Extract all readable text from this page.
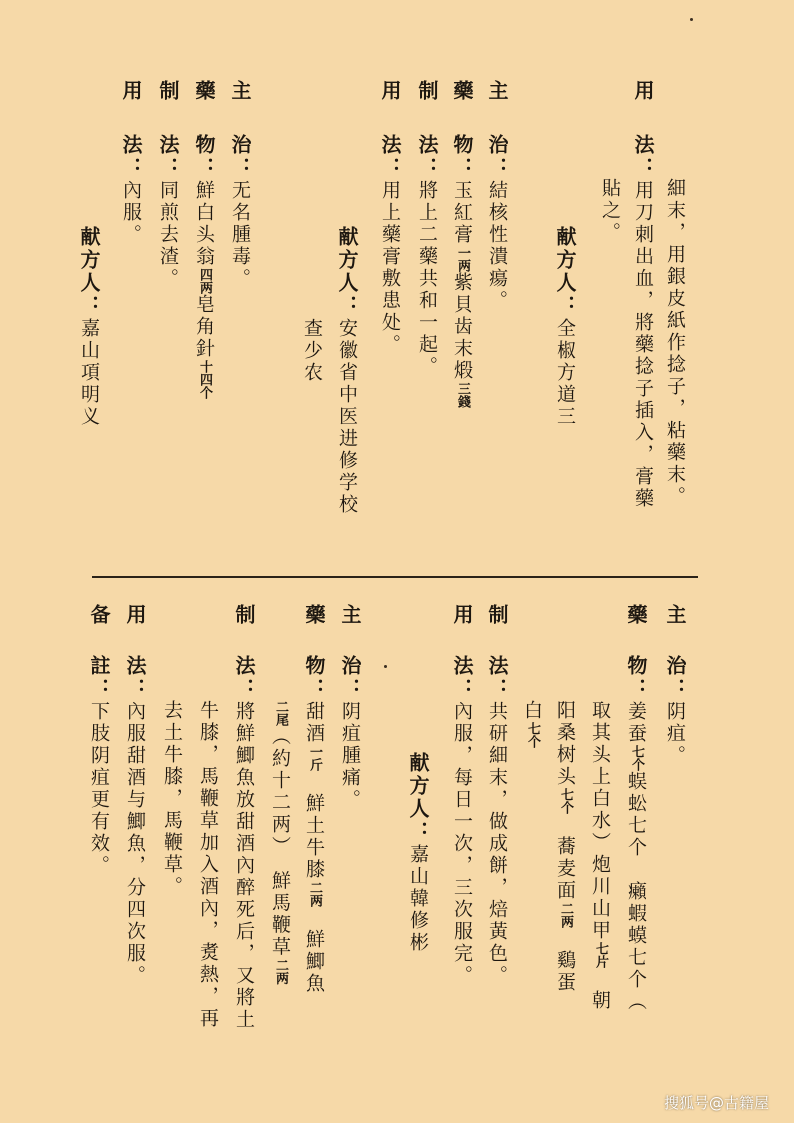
用
法：用刀刺出血，將藥捻子插入，膏藥
貼之。 細末，用銀皮紙作捻子，粘藥末。
献方人：全椒方道三
主
治：結核性潰瘍。
藥
物：玉紅膏一两紫貝齿末煅三錢
制
法：將上二藥共和一起。
用
法：用上藥膏敷患处。
献方人：安徽省中医进修学校
查少农
主
治：无名腫毒。
藥
物：鮮白头翁四两皂角針十四个
制
法：同煎去渣。
用
法：內服。
献方人：嘉山項明义
主
治：阴疽。
藥
物：姜蚕七个蜈蚣七个　癩蝦蟆七个（
取其头上白水）炮川山甲七片　朝
阳桑树头七个　蕎麦面二两　鷄蛋
白七个
制
法：共研細末，做成餅，焙黃色。
用
法：內服，每日一次，三次服完。
献方人：嘉山韓修彬
主
治：阴疽腫痛。
藥
物：甜酒一斤　鮮土牛膝二两　鮮鯽魚
二尾（約十二两）　鮮馬鞭草二两
制
法：將鮮鯽魚放甜酒內醉死后，又將土
牛膝，馬鞭草加入酒內，煑熱，再
去土牛膝，馬鞭草。
用
法：內服甜酒与鯽魚，分四次服。
备
註：下肢阴疽更有效。
搜狐号@古籍屋
